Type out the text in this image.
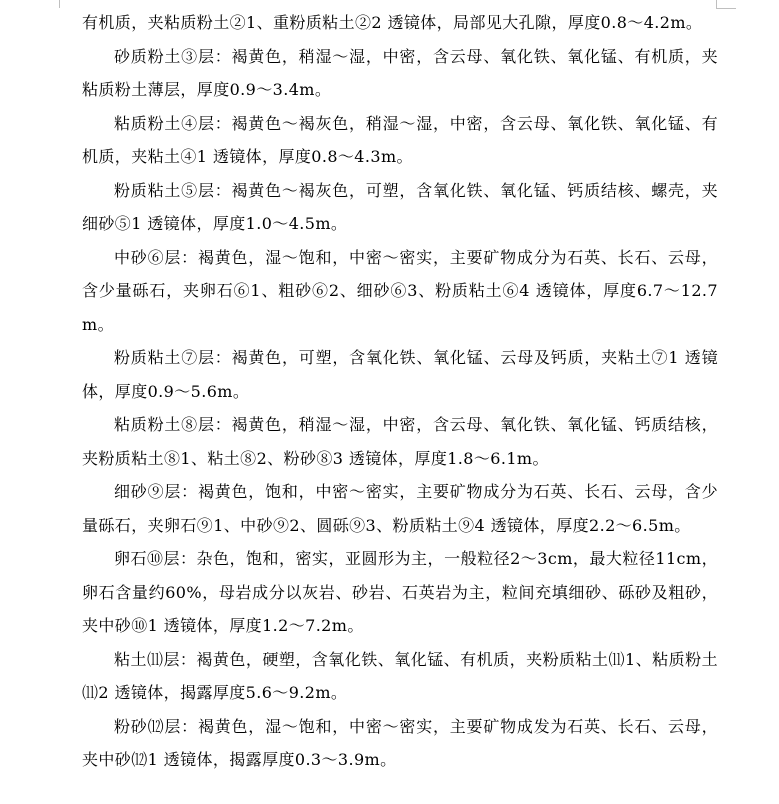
有机质，夹粘质粉土②1、重粉质粘土②2 透镜体，局部见大孔隙，厚度0.8～4.2m。

砂质粉土③层：褐黄色，稍湿～湿，中密，含云母、氧化铁、氧化锰、有机质，夹粘质粉土薄层，厚度0.9～3.4m。

粘质粉土④层：褐黄色～褐灰色，稍湿～湿，中密，含云母、氧化铁、氧化锰、有机质，夹粘土④1 透镜体，厚度0.8～4.3m。

粉质粘土⑤层：褐黄色～褐灰色，可塑，含氧化铁、氧化锰、钙质结核、螺壳，夹细砂⑤1 透镜体，厚度1.0～4.5m。

中砂⑥层：褐黄色，湿～饱和，中密～密实，主要矿物成分为石英、长石、云母，含少量砾石，夹卵石⑥1、粗砂⑥2、细砂⑥3、粉质粘土⑥4 透镜体，厚度6.7～12.7m。

粉质粘土⑦层：褐黄色，可塑，含氧化铁、氧化锰、云母及钙质，夹粘土⑦1 透镜体，厚度0.9～5.6m。

粘质粉土⑧层：褐黄色，稍湿～湿，中密，含云母、氧化铁、氧化锰、钙质结核，夹粉质粘土⑧1、粘土⑧2、粉砂⑧3 透镜体，厚度1.8～6.1m。

细砂⑨层：褐黄色，饱和，中密～密实，主要矿物成分为石英、长石、云母，含少量砾石，夹卵石⑨1、中砂⑨2、圆砾⑨3、粉质粘土⑨4 透镜体，厚度2.2～6.5m。

卵石⑩层：杂色，饱和，密实，亚圆形为主，一般粒径2～3cm，最大粒径11cm，卵石含量约60%，母岩成分以灰岩、砂岩、石英岩为主，粒间充填细砂、砾砂及粗砂，夹中砂⑩1 透镜体，厚度1.2～7.2m。

粘土⑾层：褐黄色，硬塑，含氧化铁、氧化锰、有机质，夹粉质粘土⑾1、粘质粉土⑾2 透镜体，揭露厚度5.6～9.2m。

粉砂⑿层：褐黄色，湿～饱和，中密～密实，主要矿物成发为石英、长石、云母，夹中砂⑿1 透镜体，揭露厚度0.3～3.9m。
